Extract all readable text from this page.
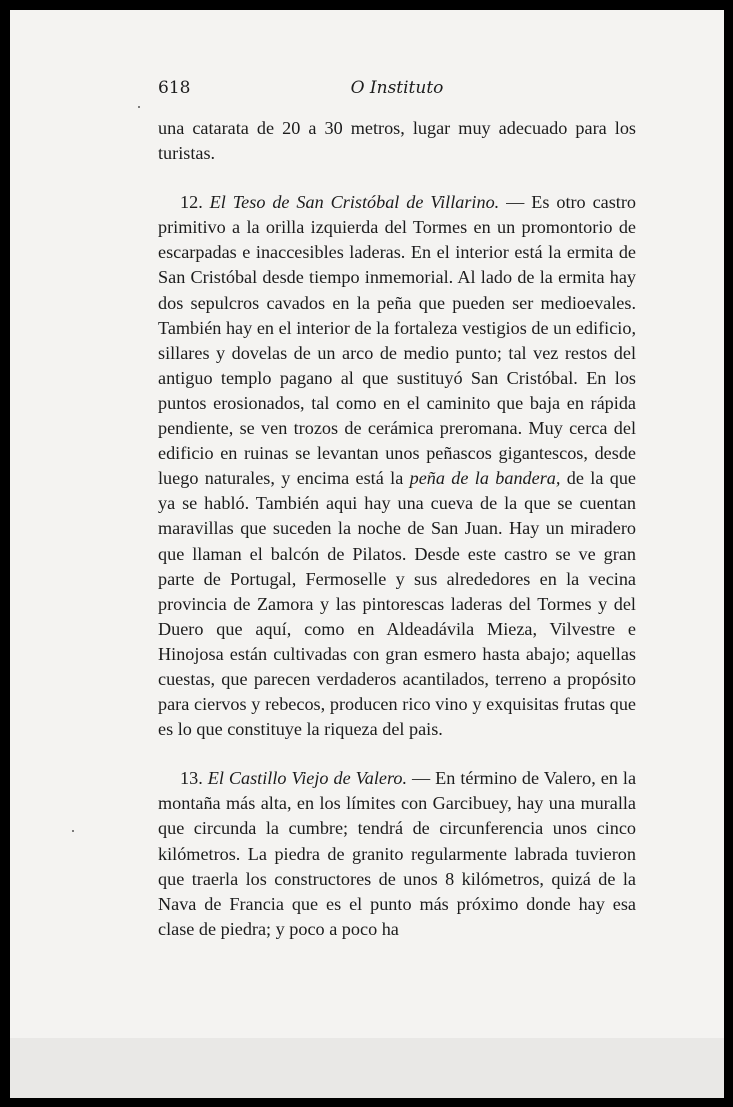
618	O Instituto

una catarata de 20 a 30 metros, lugar muy adecuado para los turistas.

12. El Teso de San Cristóbal de Villarino. — Es otro castro primitivo a la orilla izquierda del Tormes en un promontorio de escarpadas e inaccesibles laderas. En el interior está la ermita de San Cristóbal desde tiempo inmemorial. Al lado de la ermita hay dos sepulcros cavados en la peña que pueden ser medioevales. También hay en el interior de la fortaleza vestigios de un edificio, sillares y dovelas de un arco de medio punto; tal vez restos del antiguo templo pagano al que sustituyó San Cristóbal. En los puntos erosionados, tal como en el caminito que baja en rápida pendiente, se ven trozos de cerámica preromana. Muy cerca del edificio en ruinas se levantan unos peñascos gigantescos, desde luego naturales, y encima está la peña de la bandera, de la que ya se habló. También aqui hay una cueva de la que se cuentan maravillas que suceden la noche de San Juan. Hay un miradero que llaman el balcón de Pilatos. Desde este castro se ve gran parte de Portugal, Fermoselle y sus alrededores en la vecina provincia de Zamora y las pintorescas laderas del Tormes y del Duero que aquí, como en Aldeadávila Mieza, Vilvestre e Hinojosa están cultivadas con gran esmero hasta abajo; aquellas cuestas, que parecen verdaderos acantilados, terreno a propósito para ciervos y rebecos, producen rico vino y exquisitas frutas que es lo que constituye la riqueza del pais.

13. El Castillo Viejo de Valero. — En término de Valero, en la montaña más alta, en los límites con Garcibuey, hay una muralla que circunda la cumbre; tendrá de circunferencia unos cinco kilómetros. La piedra de granito regularmente labrada tuvieron que traerla los constructores de unos 8 kilómetros, quizá de la Nava de Francia que es el punto más próximo donde hay esa clase de piedra; y poco a poco ha
